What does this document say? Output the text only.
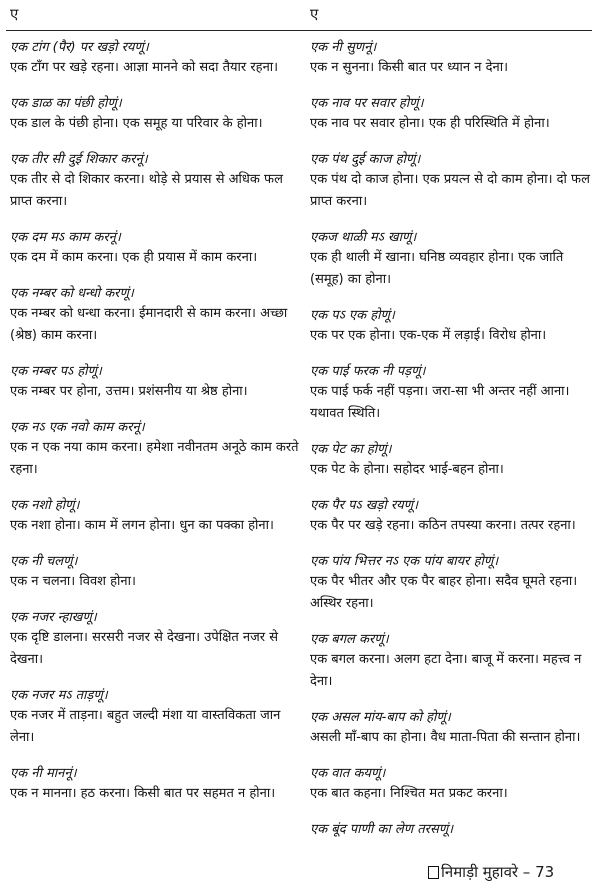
ए	ए
एक टांग (पैर) पर खड़ो रयणूं।
एक टाँग पर खड़े रहना। आज्ञा मानने को सदा तैयार रहना।
एक डाळ का पंछी होणूं।
एक डाल के पंछी होना। एक समूह या परिवार के होना।
एक तीर सी दुई शिकार करनूं।
एक तीर से दो शिकार करना। थोड़े से प्रयास से अधिक फल प्राप्त करना।
एक दम मऽ काम करनूं।
एक दम में काम करना। एक ही प्रयास में काम करना।
एक नम्बर को धन्धो करणूं।
एक नम्बर को धन्धा करना। ईमानदारी से काम करना। अच्छा (श्रेष्ठ) काम करना।
एक नम्बर पऽ होणूं।
एक नम्बर पर होना, उत्तम। प्रशंसनीय या श्रेष्ठ होना।
एक नऽ एक नवो काम करनूं।
एक न एक नया काम करना। हमेशा नवीनतम अनूठे काम करते रहना।
एक नशो होणूं।
एक नशा होना। काम में लगन होना। धुन का पक्का होना।
एक नी चलणूं।
एक न चलना। विवश होना।
एक नजर न्हाखणूं।
एक दृष्टि डालना। सरसरी नजर से देखना। उपेक्षित नजर से देखना।
एक नजर मऽ ताड़णूं।
एक नजर में ताड़ना। बहुत जल्दी मंशा या वास्तविकता जान लेना।
एक नी माननूं।
एक न मानना। हठ करना। किसी बात पर सहमत न होना।
एक नी सुणनूं।
एक न सुनना। किसी बात पर ध्यान न देना।
एक नाव पर सवार होणूं।
एक नाव पर सवार होना। एक ही परिस्थिति में होना।
एक पंथ दुई काज होणूं।
एक पंथ दो काज होना। एक प्रयत्न से दो काम होना। दो फल प्राप्त करना।
एकज थाळी मऽ खाणूं।
एक ही थाली में खाना। घनिष्ठ व्यवहार होना। एक जाति (समूह) का होना।
एक पऽ एक होणूं।
एक पर एक होना। एक-एक में लड़ाई। विरोध होना।
एक पाई फरक नी पड़णूं।
एक पाई फर्क नहीं पड़ना। जरा-सा भी अन्तर नहीं आना। यथावत स्थिति।
एक पेट का होणूं।
एक पेट के होना। सहोदर भाई-बहन होना।
एक पैर पऽ खड़ो रयणूं।
एक पैर पर खड़े रहना। कठिन तपस्या करना। तत्पर रहना।
एक पांय भित्तर नऽ एक पांय बायर होणूं।
एक पैर भीतर और एक पैर बाहर होना। सदैव घूमते रहना। अस्थिर रहना।
एक बगल करणूं।
एक बगल करना। अलग हटा देना। बाजू में करना। महत्त्व न देना।
एक असल मांय-बाप को होणूं।
असली माँ-बाप का होना। वैध माता-पिता की सन्तान होना।
एक वात कयणूं।
एक बात कहना। निश्चित मत प्रकट करना।
एक बूंद पाणी का लेण तरसणूं।
निमाड़ी मुहावरे – 73
